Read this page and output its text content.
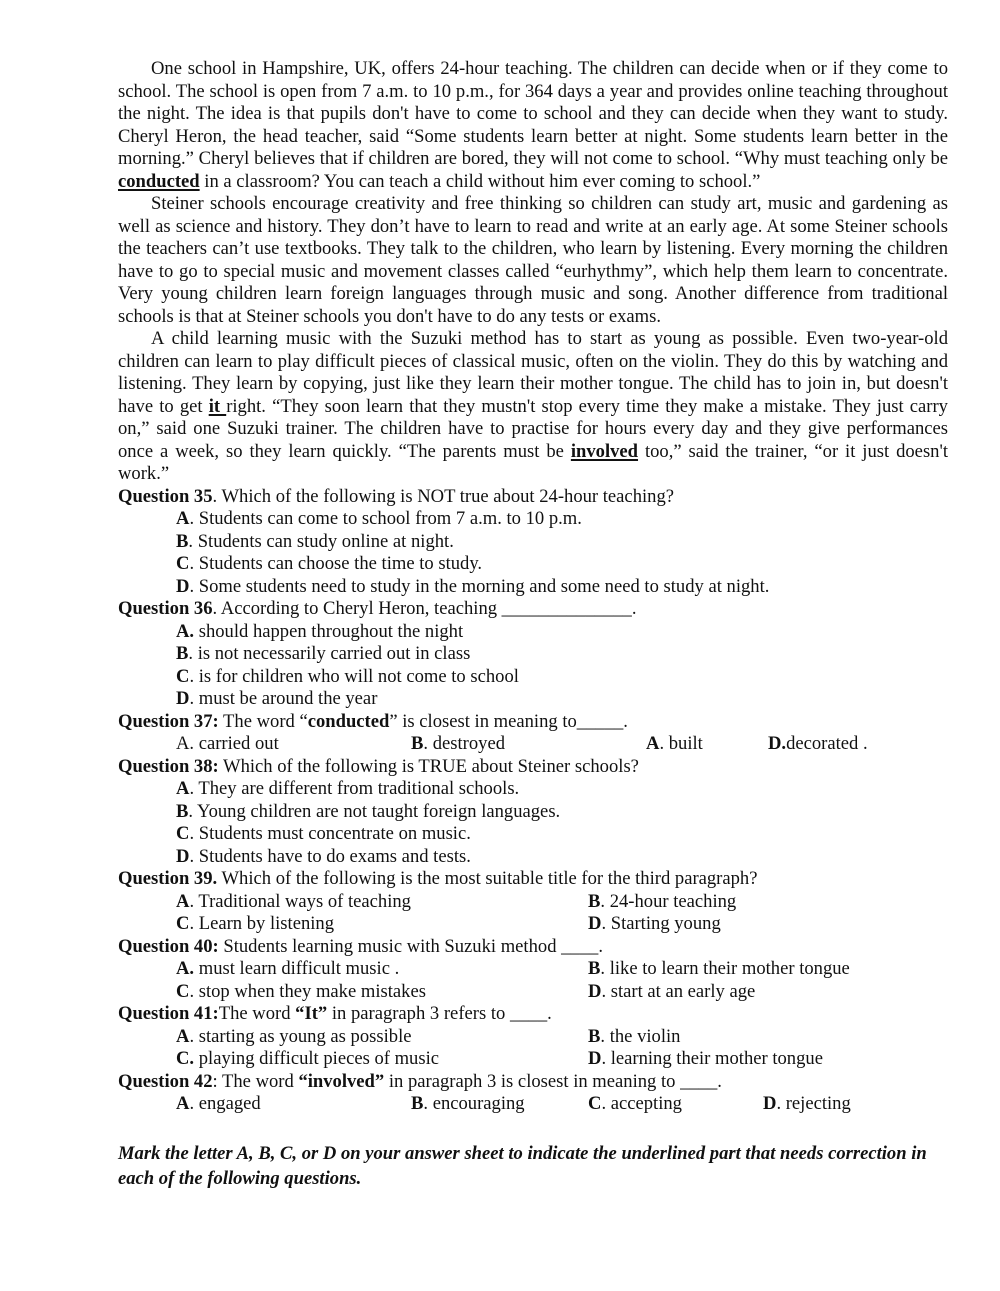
One school in Hampshire, UK, offers 24-hour teaching. The children can decide when or if they come to school. The school is open from 7 a.m. to 10 p.m., for 364 days a year and provides online teaching throughout the night. The idea is that pupils don't have to come to school and they can decide when they want to study. Cheryl Heron, the head teacher, said “Some students learn better at night. Some students learn better in the morning.” Cheryl believes that if children are bored, they will not come to school. “Why must teaching only be conducted in a classroom? You can teach a child without him ever coming to school.”

Steiner schools encourage creativity and free thinking so children can study art, music and gardening as well as science and history. They don’t have to learn to read and write at an early age. At some Steiner schools the teachers can’t use textbooks. They talk to the children, who learn by listening. Every morning the children have to go to special music and movement classes called “eurhythmy”, which help them learn to concentrate. Very young children learn foreign languages through music and song. Another difference from traditional schools is that at Steiner schools you don't have to do any tests or exams.

A child learning music with the Suzuki method has to start as young as possible. Even two-year-old children can learn to play difficult pieces of classical music, often on the violin. They do this by watching and listening. They learn by copying, just like they learn their mother tongue. The child has to join in, but doesn't have to get it right. “They soon learn that they mustn't stop every time they make a mistake. They just carry on,” said one Suzuki trainer. The children have to practise for hours every day and they give performances once a week, so they learn quickly. “The parents must be involved too,” said the trainer, “or it just doesn't work.”

Question 35. Which of the following is NOT true about 24-hour teaching?

A. Students can come to school from 7 a.m. to 10 p.m.

B. Students can study online at night.

C. Students can choose the time to study.

D. Some students need to study in the morning and some need to study at night.

Question 36. According to Cheryl Heron, teaching ______________.

A. should happen throughout the night

B. is not necessarily carried out in class

C. is for children who will not come to school

D. must be around the year

Question 37: The word “conducted” is closest in meaning to_____.

A. carried out	B. destroyed	A. built	D.decorated .

Question 38: Which of the following is TRUE about Steiner schools?

A. They are different from traditional schools.

B. Young children are not taught foreign languages.

C. Students must concentrate on music.

D. Students have to do exams and tests.

Question 39. Which of the following is the most suitable title for the third paragraph?

A. Traditional ways of teaching	B. 24-hour teaching
C. Learn by listening	D. Starting young

Question 40: Students learning music with Suzuki method ____.

A. must learn difficult music .	B. like to learn their mother tongue
C. stop when they make mistakes	D. start at an early age

Question 41:The word “It” in paragraph 3 refers to ____.

A. starting as young as possible	B. the violin
C. playing difficult pieces of music	D. learning their mother tongue

Question 42: The word “involved” in paragraph 3 is closest in meaning to ____.

A. engaged	B. encouraging	C. accepting	D. rejecting

Mark the letter A, B, C, or D on your answer sheet to indicate the underlined part that needs correction in each of the following questions.
